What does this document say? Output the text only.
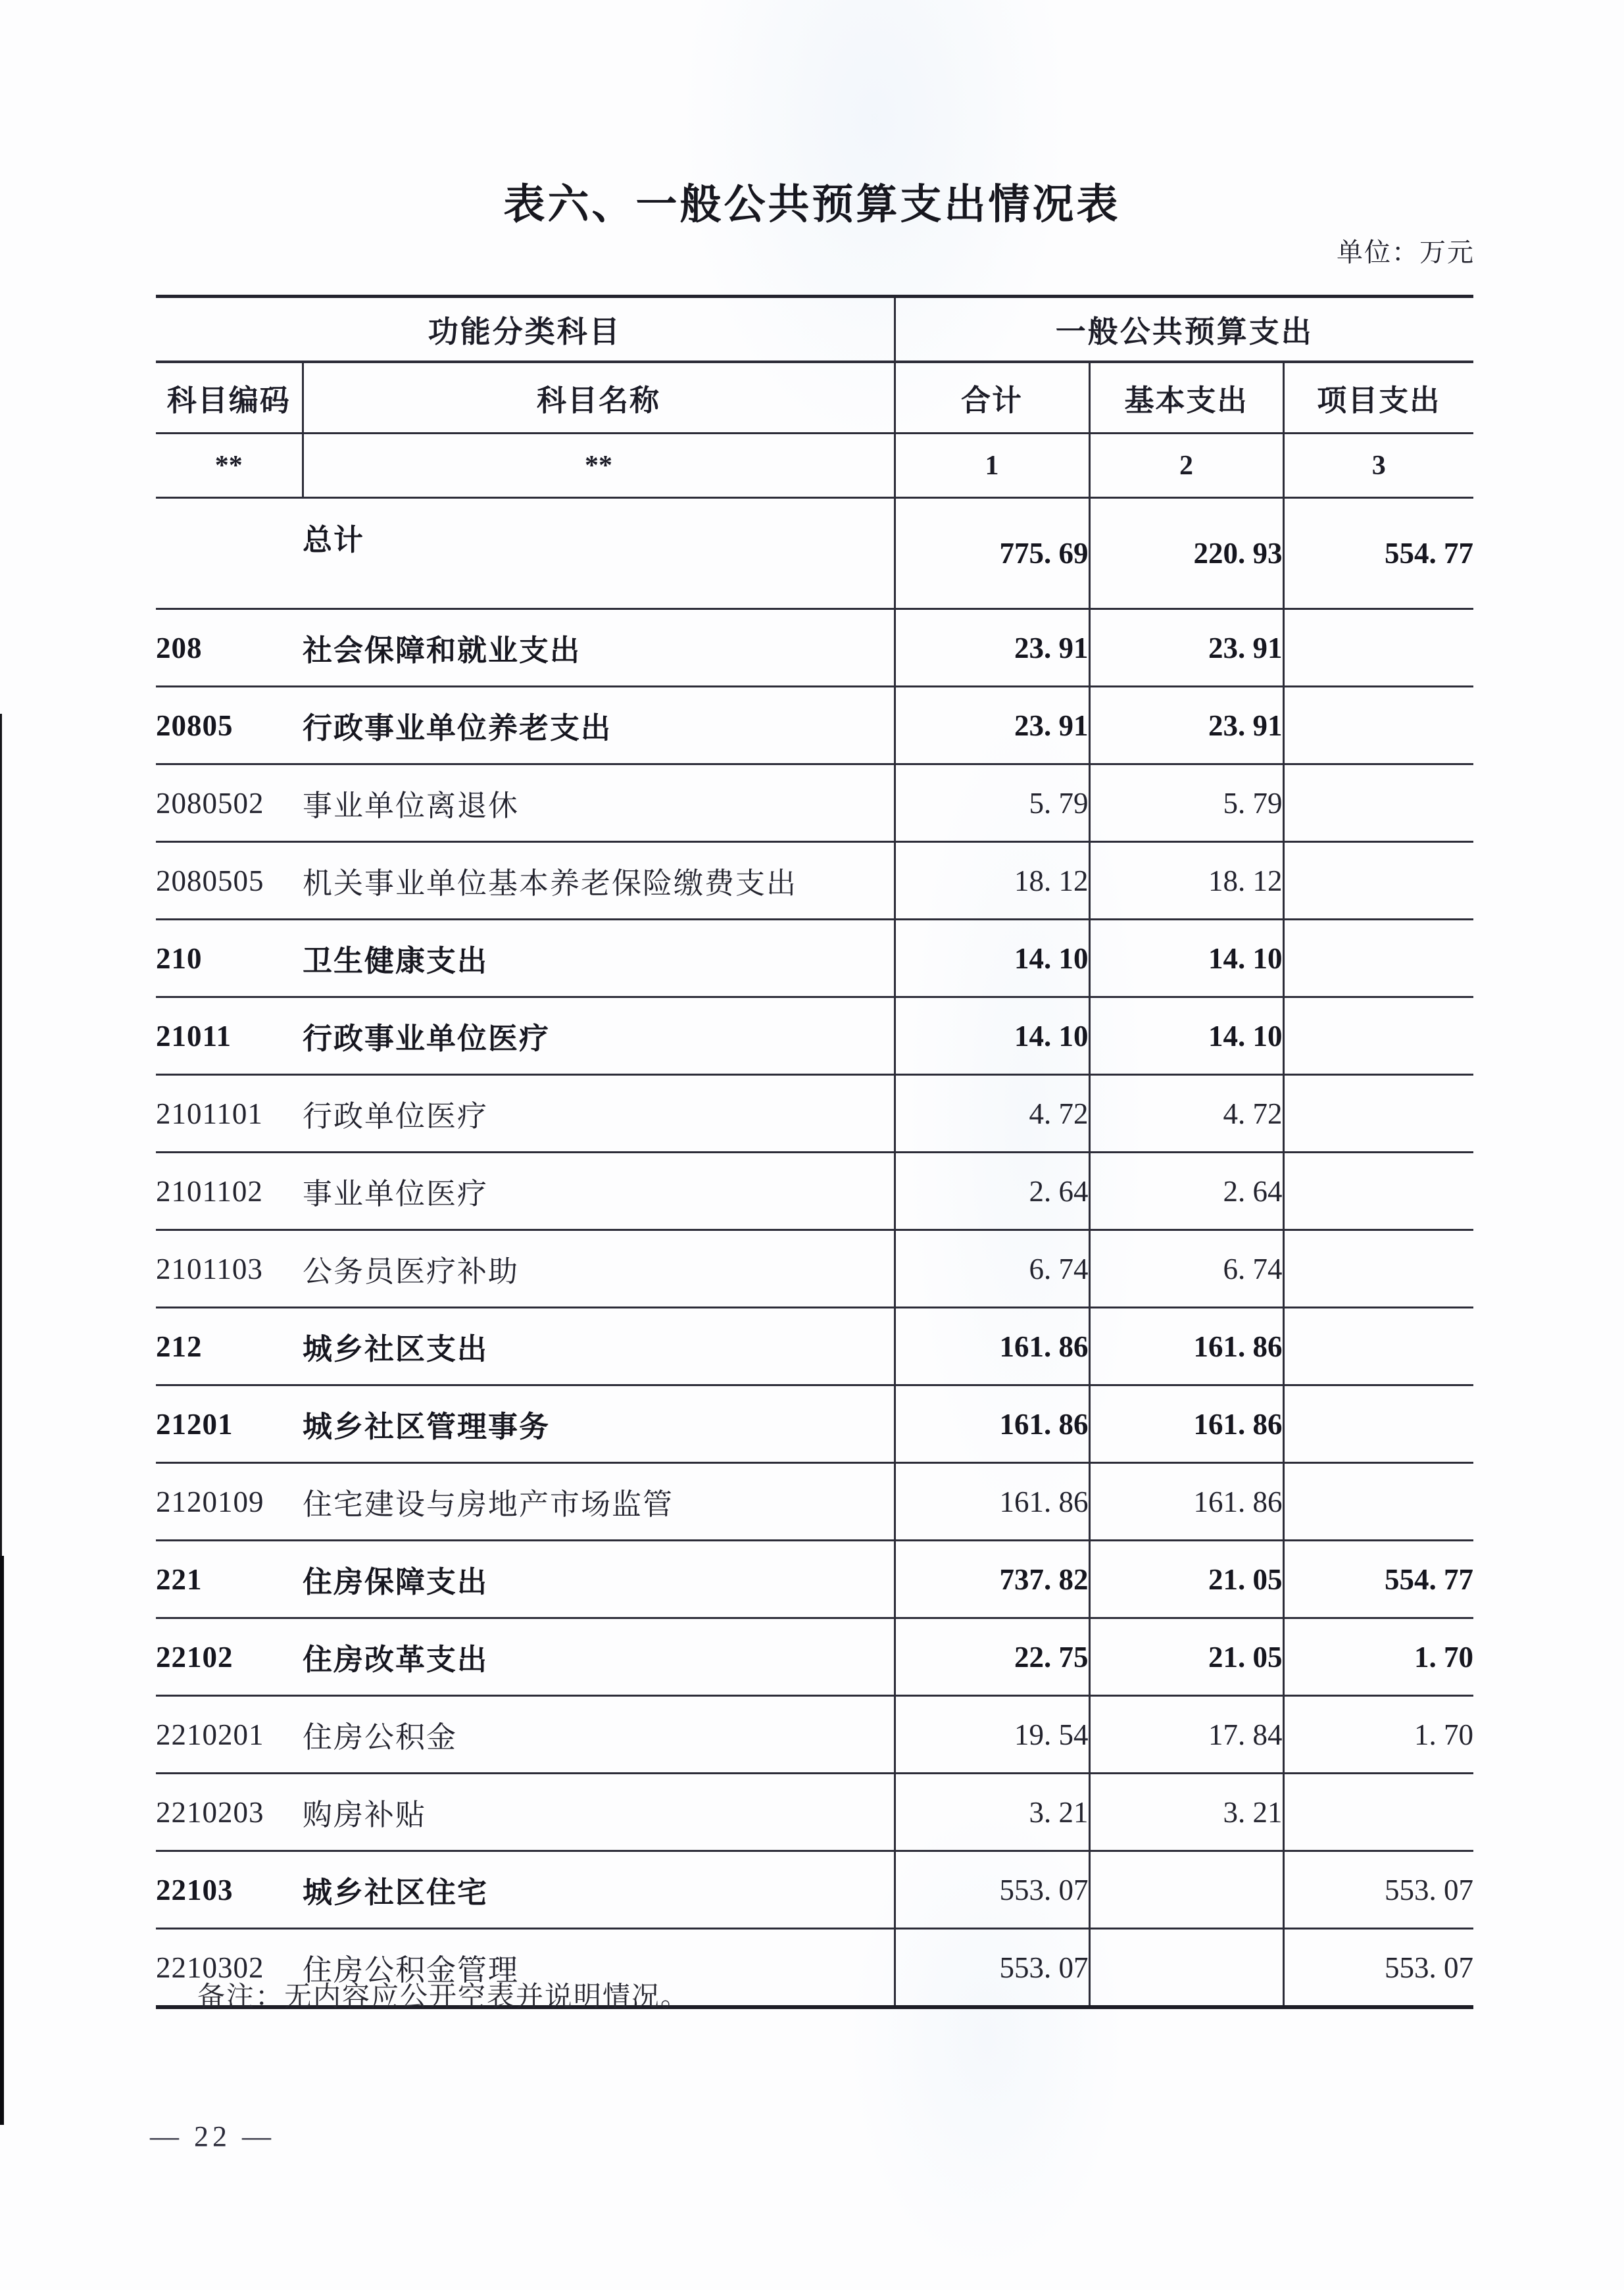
表六、一般公共预算支出情况表
单位：万元
功能分类科目		一般公共预算支出		
科目编码	科目名称	合计	基本支出	项目支出
**	**	1	2	3
	总计	775. 69	220. 93	554. 77
208	社会保障和就业支出	23. 91	23. 91	
20805	行政事业单位养老支出	23. 91	23. 91	
2080502	事业单位离退休	5. 79	5. 79	
2080505	机关事业单位基本养老保险缴费支出	18. 12	18. 12	
210	卫生健康支出	14. 10	14. 10	
21011	行政事业单位医疗	14. 10	14. 10	
2101101	行政单位医疗	4. 72	4. 72	
2101102	事业单位医疗	2. 64	2. 64	
2101103	公务员医疗补助	6. 74	6. 74	
212	城乡社区支出	161. 86	161. 86	
21201	城乡社区管理事务	161. 86	161. 86	
2120109	住宅建设与房地产市场监管	161. 86	161. 86	
221	住房保障支出	737. 82	21. 05	554. 77
22102	住房改革支出	22. 75	21. 05	1. 70
2210201	住房公积金	19. 54	17. 84	1. 70
2210203	购房补贴	3. 21	3. 21	
22103	城乡社区住宅	553. 07		553. 07
2210302	住房公积金管理	553. 07		553. 07
备注：无内容应公开空表并说明情况。
— 22 —
